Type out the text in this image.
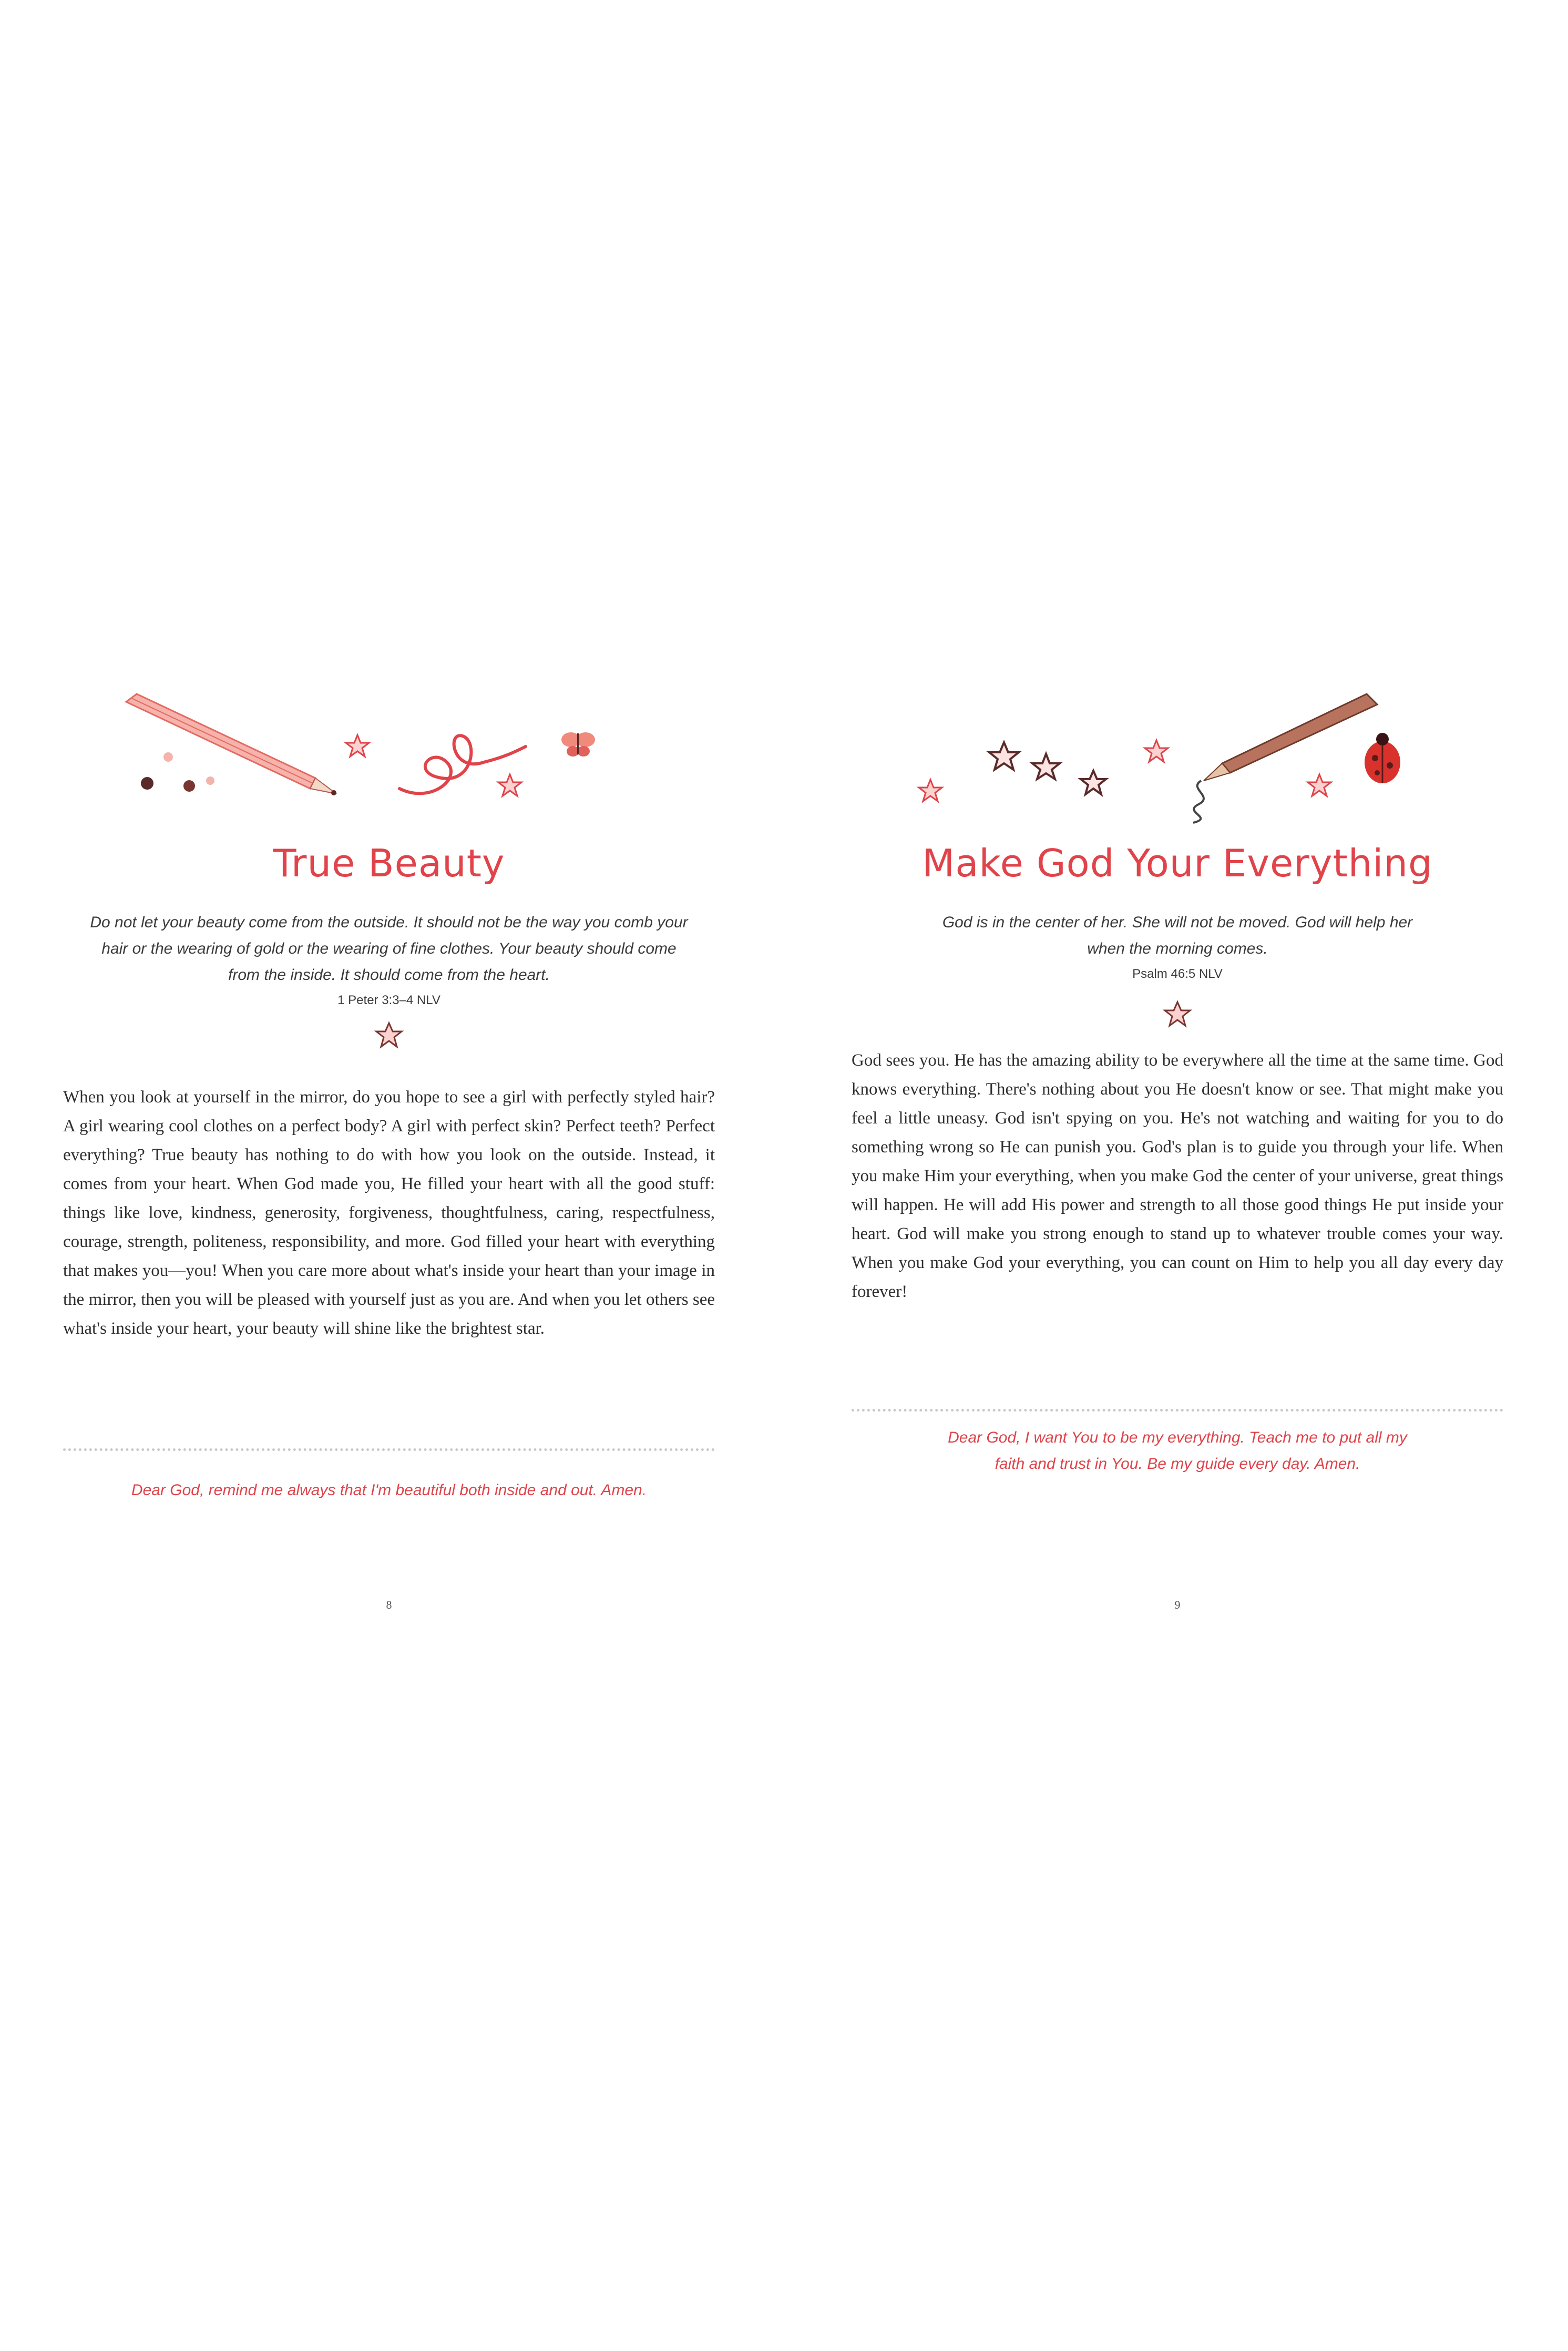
True Beauty
Do not let your beauty come from the outside. It should not be the way you comb your hair or the wearing of gold or the wearing of fine clothes. Your beauty should come from the inside. It should come from the heart.
1 Peter 3:3–4 NLV
When you look at yourself in the mirror, do you hope to see a girl with perfectly styled hair? A girl wearing cool clothes on a perfect body? A girl with perfect skin? Perfect teeth? Perfect everything? True beauty has nothing to do with how you look on the outside. Instead, it comes from your heart. When God made you, He filled your heart with all the good stuff: things like love, kindness, generosity, forgiveness, thoughtfulness, caring, respectfulness, courage, strength, politeness, responsibility, and more. God filled your heart with everything that makes you—you! When you care more about what's inside your heart than your image in the mirror, then you will be pleased with yourself just as you are. And when you let others see what's inside your heart, your beauty will shine like the brightest star.
Dear God, remind me always that I'm beautiful both inside and out. Amen.
8
Make God Your Everything
God is in the center of her. She will not be moved. God will help her when the morning comes.
Psalm 46:5 NLV
God sees you. He has the amazing ability to be everywhere all the time at the same time. God knows everything. There's nothing about you He doesn't know or see. That might make you feel a little uneasy. God isn't spying on you. He's not watching and waiting for you to do something wrong so He can punish you. God's plan is to guide you through your life. When you make Him your everything, when you make God the center of your universe, great things will happen. He will add His power and strength to all those good things He put inside your heart. God will make you strong enough to stand up to whatever trouble comes your way. When you make God your everything, you can count on Him to help you all day every day forever!
Dear God, I want You to be my everything. Teach me to put all my faith and trust in You. Be my guide every day. Amen.
9
